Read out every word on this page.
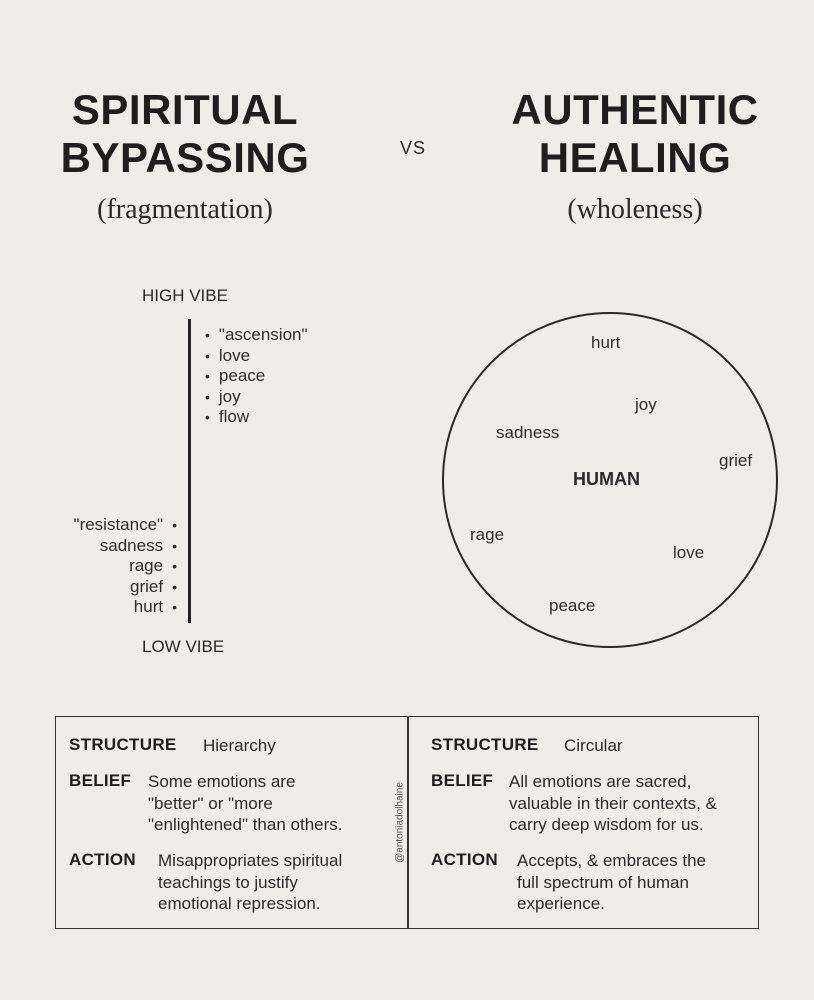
SPIRITUAL
BYPASSING
(fragmentation)
VS
AUTHENTIC
HEALING
(wholeness)
HIGH VIBE
• "ascension"
• love
• peace
• joy
• flow
"resistance" •
sadness •
rage •
grief •
hurt •
LOW VIBE
hurt
joy
sadness
grief
HUMAN
rage
love
peace
STRUCTURE Hierarchy
BELIEF Some emotions are
"better" or "more
"enlightened" than others.
ACTION Misappropriates spiritual
teachings to justify
emotional repression.
@antoniadolhaine
STRUCTURE Circular
BELIEF All emotions are sacred,
valuable in their contexts, &
carry deep wisdom for us.
ACTION Accepts, & embraces the
full spectrum of human
experience.
